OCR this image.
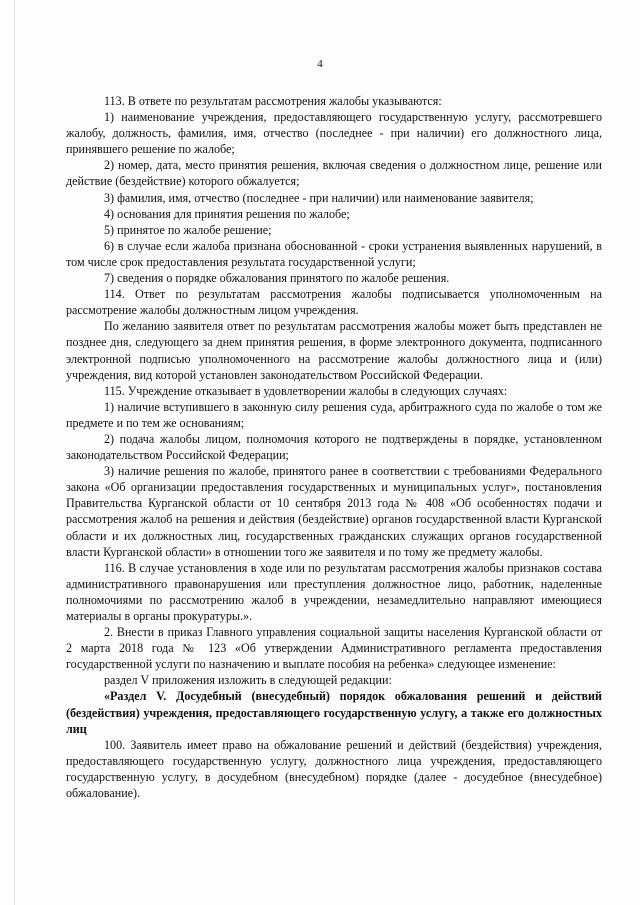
4

113. В ответе по результатам рассмотрения жалобы указываются:

1) наименование учреждения, предоставляющего государственную услугу, рассмотревшего жалобу, должность, фамилия, имя, отчество (последнее - при наличии) его должностного лица, принявшего решение по жалобе;

2) номер, дата, место принятия решения, включая сведения о должностном лице, решение или действие (бездействие) которого обжалуется;

3) фамилия, имя, отчество (последнее - при наличии) или наименование заявителя;

4) основания для принятия решения по жалобе;

5) принятое по жалобе решение;

6) в случае если жалоба признана обоснованной - сроки устранения выявленных нарушений, в том числе срок предоставления результата государственной услуги;

7) сведения о порядке обжалования принятого по жалобе решения.

114. Ответ по результатам рассмотрения жалобы подписывается уполномоченным на рассмотрение жалобы должностным лицом учреждения.

По желанию заявителя ответ по результатам рассмотрения жалобы может быть представлен не позднее дня, следующего за днем принятия решения, в форме электронного документа, подписанного электронной подписью уполномоченного на рассмотрение жалобы должностного лица и (или) учреждения, вид которой установлен законодательством Российской Федерации.

115. Учреждение отказывает в удовлетворении жалобы в следующих случаях:

1) наличие вступившего в законную силу решения суда, арбитражного суда по жалобе о том же предмете и по тем же основаниям;

2) подача жалобы лицом, полномочия которого не подтверждены в порядке, установленном законодательством Российской Федерации;

3) наличие решения по жалобе, принятого ранее в соответствии с требованиями Федерального закона «Об организации предоставления государственных и муниципальных услуг», постановления Правительства Курганской области от 10 сентября 2013 года № 408 «Об особенностях подачи и рассмотрения жалоб на решения и действия (бездействие) органов государственной власти Курганской области и их должностных лиц, государственных гражданских служащих органов государственной власти Курганской области» в отношении того же заявителя и по тому же предмету жалобы.

116. В случае установления в ходе или по результатам рассмотрения жалобы признаков состава административного правонарушения или преступления должностное лицо, работник, наделенные полномочиями по рассмотрению жалоб в учреждении, незамедлительно направляют имеющиеся материалы в органы прокуратуры.».

2. Внести в приказ Главного управления социальной защиты населения Курганской области от 2 марта 2018 года № 123 «Об утверждении Административного регламента предоставления государственной услуги по назначению и выплате пособия на ребенка» следующее изменение:

раздел V приложения изложить в следующей редакции:

«Раздел V. Досудебный (внесудебный) порядок обжалования решений и действий (бездействия) учреждения, предоставляющего государственную услугу, а также его должностных лиц

100. Заявитель имеет право на обжалование решений и действий (бездействия) учреждения, предоставляющего государственную услугу, должностного лица учреждения, предоставляющего государственную услугу, в досудебном (внесудебном) порядке (далее - досудебное (внесудебное) обжалование).
